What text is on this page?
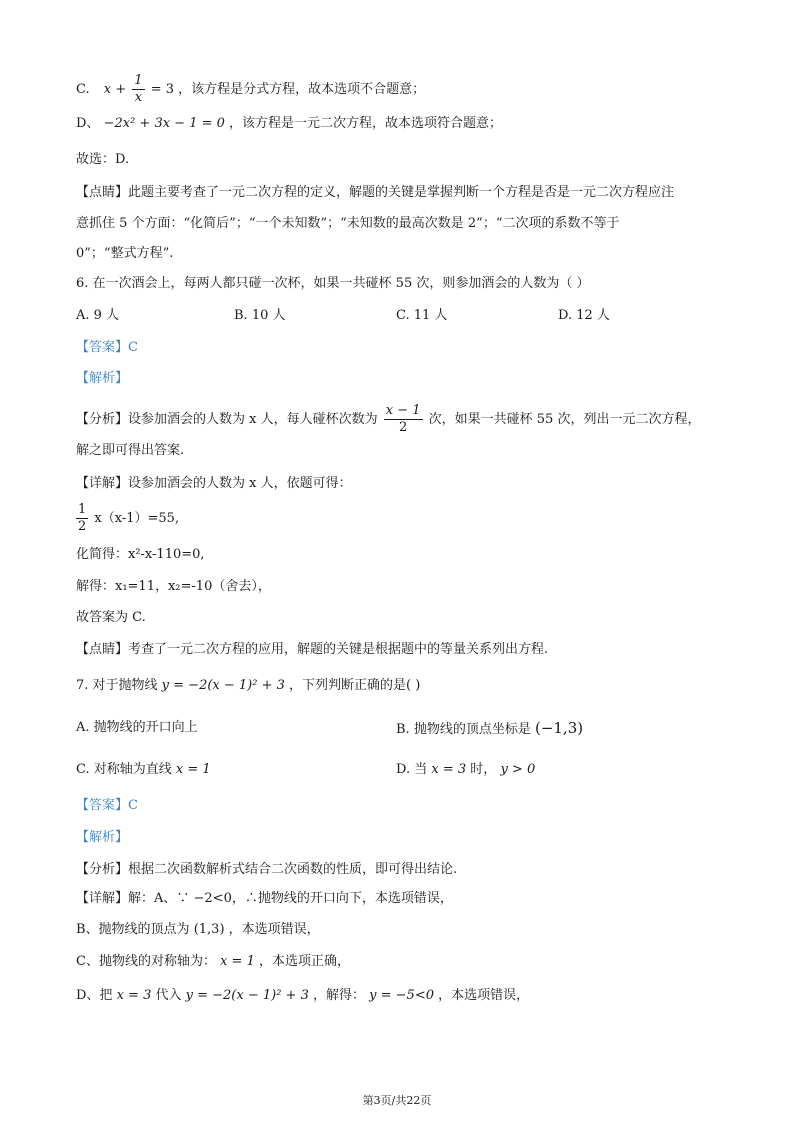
C. $x + \frac{1}{x} = 3$ ，该方程是分式方程，故本选项不合题意；
D、 −2x² + 3x − 1 = 0 ，该方程是一元二次方程，故本选项符合题意；
故选：D.
【点睛】此题主要考查了一元二次方程的定义，解题的关键是掌握判断一个方程是否是一元二次方程应注
意抓住 5 个方面：“化简后”；“一个未知数”；“未知数的最高次数是 2”；“二次项的系数不等于
0”；“整式方程”.
6. 在一次酒会上，每两人都只碰一次杯，如果一共碰杯 55 次，则参加酒会的人数为（ ）
A. 9 人	B. 10 人	C. 11 人	D. 12 人
【答案】C
【解析】
【分析】设参加酒会的人数为 x 人，每人碰杯次数为 $\frac{x - 1}{2}$ 次，如果一共碰杯 55 次，列出一元二次方程，
解之即可得出答案.
【详解】设参加酒会的人数为 x 人，依题可得：
$\frac{1}{2} x(x-1)=55$,
化简得：x²-x-110=0,
解得：x₁=11，x₂=-10（舍去），
故答案为 C.
【点睛】考查了一元二次方程的应用，解题的关键是根据题中的等量关系列出方程.
7. 对于抛物线 y = −2(x − 1)² + 3 ，下列判断正确的是( )
A. 抛物线的开口向上	B. 抛物线的顶点坐标是 (−1,3)
C. 对称轴为直线 x = 1	D. 当 x = 3 时， y > 0
【答案】C
【解析】
【分析】根据二次函数解析式结合二次函数的性质，即可得出结论.
【详解】解：A、∵ −2<0，∴抛物线的开口向下，本选项错误，
B、抛物线的顶点为 (1,3) ，本选项错误，
C、抛物线的对称轴为： x = 1 ，本选项正确，
D、把 x = 3 代入 y = −2(x − 1)² + 3 ，解得： y = −5<0 ，本选项错误，
第3页/共22页
